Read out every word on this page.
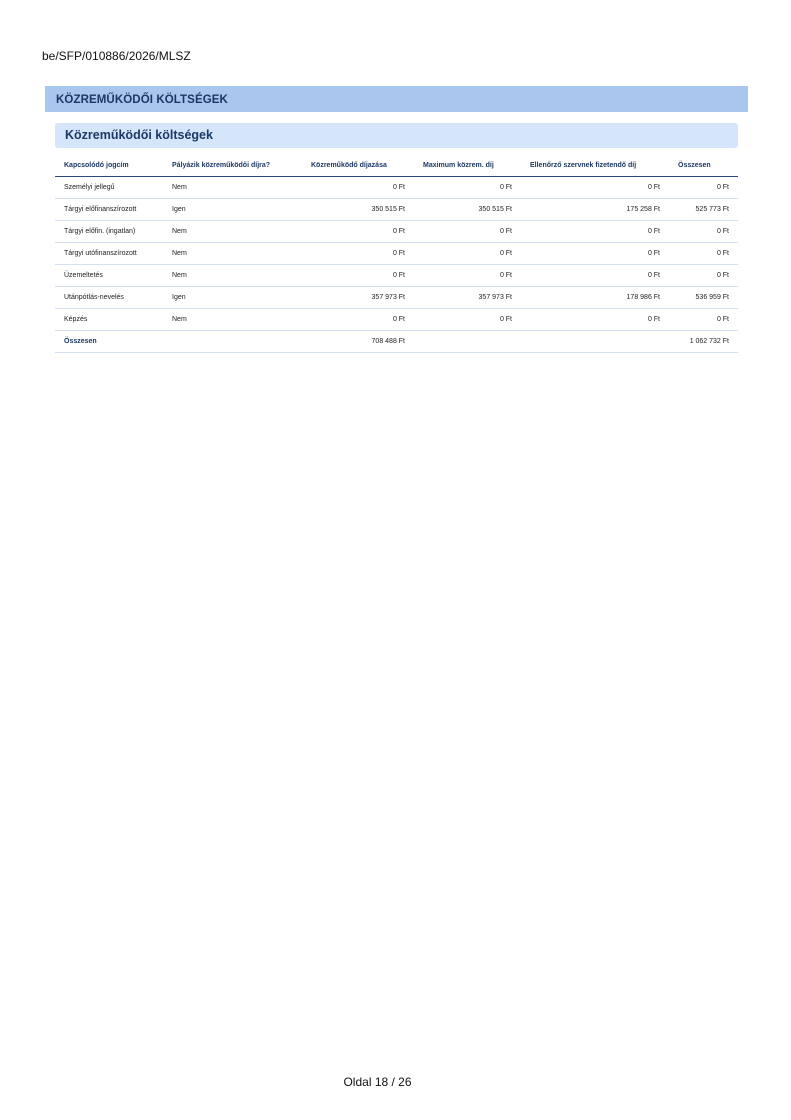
be/SFP/010886/2026/MLSZ
KÖZREMŰKÖDŐI KÖLTSÉGEK
Közreműködői költségek
Kapcsolódó jogcím	Pályázik közreműködői díjra?	Közreműködő díjazása	Maximum közrem. díj	Ellenőrző szervnek fizetendő díj	Összesen
Személyi jellegű	Nem	0 Ft	0 Ft	0 Ft	0 Ft
Tárgyi előfinanszírozott	Igen	350 515 Ft	350 515 Ft	175 258 Ft	525 773 Ft
Tárgyi előfin. (ingatlan)	Nem	0 Ft	0 Ft	0 Ft	0 Ft
Tárgyi utófinanszírozott	Nem	0 Ft	0 Ft	0 Ft	0 Ft
Üzemeltetés	Nem	0 Ft	0 Ft	0 Ft	0 Ft
Utánpótlás-nevelés	Igen	357 973 Ft	357 973 Ft	178 986 Ft	536 959 Ft
Képzés	Nem	0 Ft	0 Ft	0 Ft	0 Ft
Összesen		708 488 Ft			1 062 732 Ft
Oldal 18 / 26
